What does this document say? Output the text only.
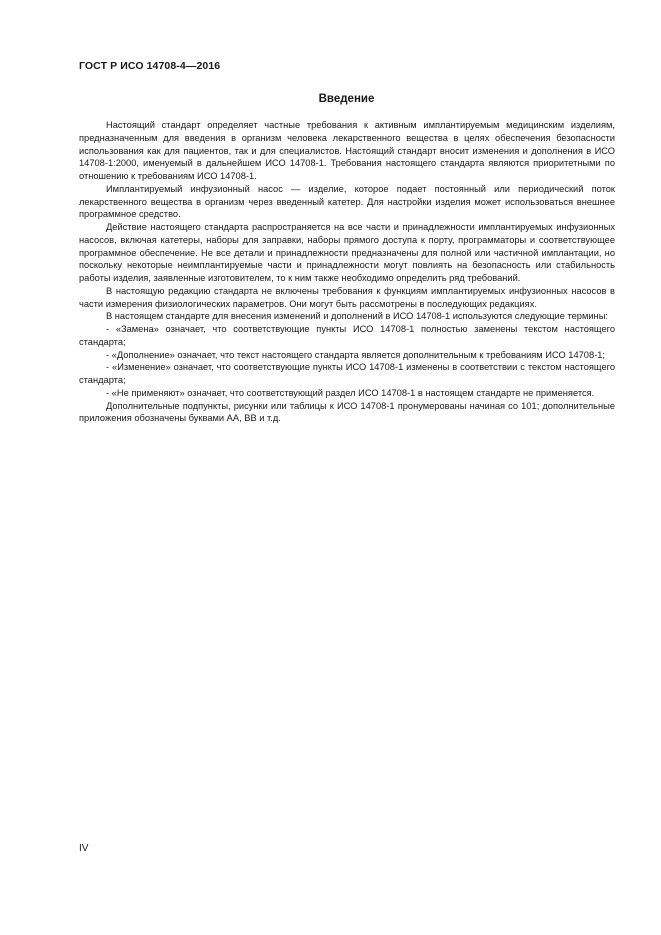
ГОСТ Р ИСО 14708-4—2016

Введение

Настоящий стандарт определяет частные требования к активным имплантируемым медицинским изделиям, предназначенным для введения в организм человека лекарственного вещества в целях обеспечения безопасности использования как для пациентов, так и для специалистов. Настоящий стандарт вносит изменения и дополнения в ИСО 14708-1:2000, именуемый в дальнейшем ИСО 14708-1. Требования настоящего стандарта являются приоритетными по отношению к требованиям ИСО 14708-1.

Имплантируемый инфузионный насос — изделие, которое подает постоянный или периодический поток лекарственного вещества в организм через введенный катетер. Для настройки изделия может использоваться внешнее программное средство.

Действие настоящего стандарта распространяется на все части и принадлежности имплантируемых инфузионных насосов, включая катетеры, наборы для заправки, наборы прямого доступа к порту, программаторы и соответствующее программное обеспечение. Не все детали и принадлежности предназначены для полной или частичной имплантации, но поскольку некоторые неимплантируемые части и принадлежности могут повлиять на безопасность или стабильность работы изделия, заявленные изготовителем, то к ним также необходимо определить ряд требований.

В настоящую редакцию стандарта не включены требования к функциям имплантируемых инфузионных насосов в части измерения физиологических параметров. Они могут быть рассмотрены в последующих редакциях.

В настоящем стандарте для внесения изменений и дополнений в ИСО 14708-1 используются следующие термины:

- «Замена» означает, что соответствующие пункты ИСО 14708-1 полностью заменены текстом настоящего стандарта;

- «Дополнение» означает, что текст настоящего стандарта является дополнительным к требованиям ИСО 14708-1;

- «Изменение» означает, что соответствующие пункты ИСО 14708-1 изменены в соответствии с текстом настоящего стандарта;

- «Не применяют» означает, что соответствующий раздел ИСО 14708-1 в настоящем стандарте не применяется.

Дополнительные подпункты, рисунки или таблицы к ИСО 14708-1 пронумерованы начиная со 101; дополнительные приложения обозначены буквами АА, ВВ и т.д.

IV
